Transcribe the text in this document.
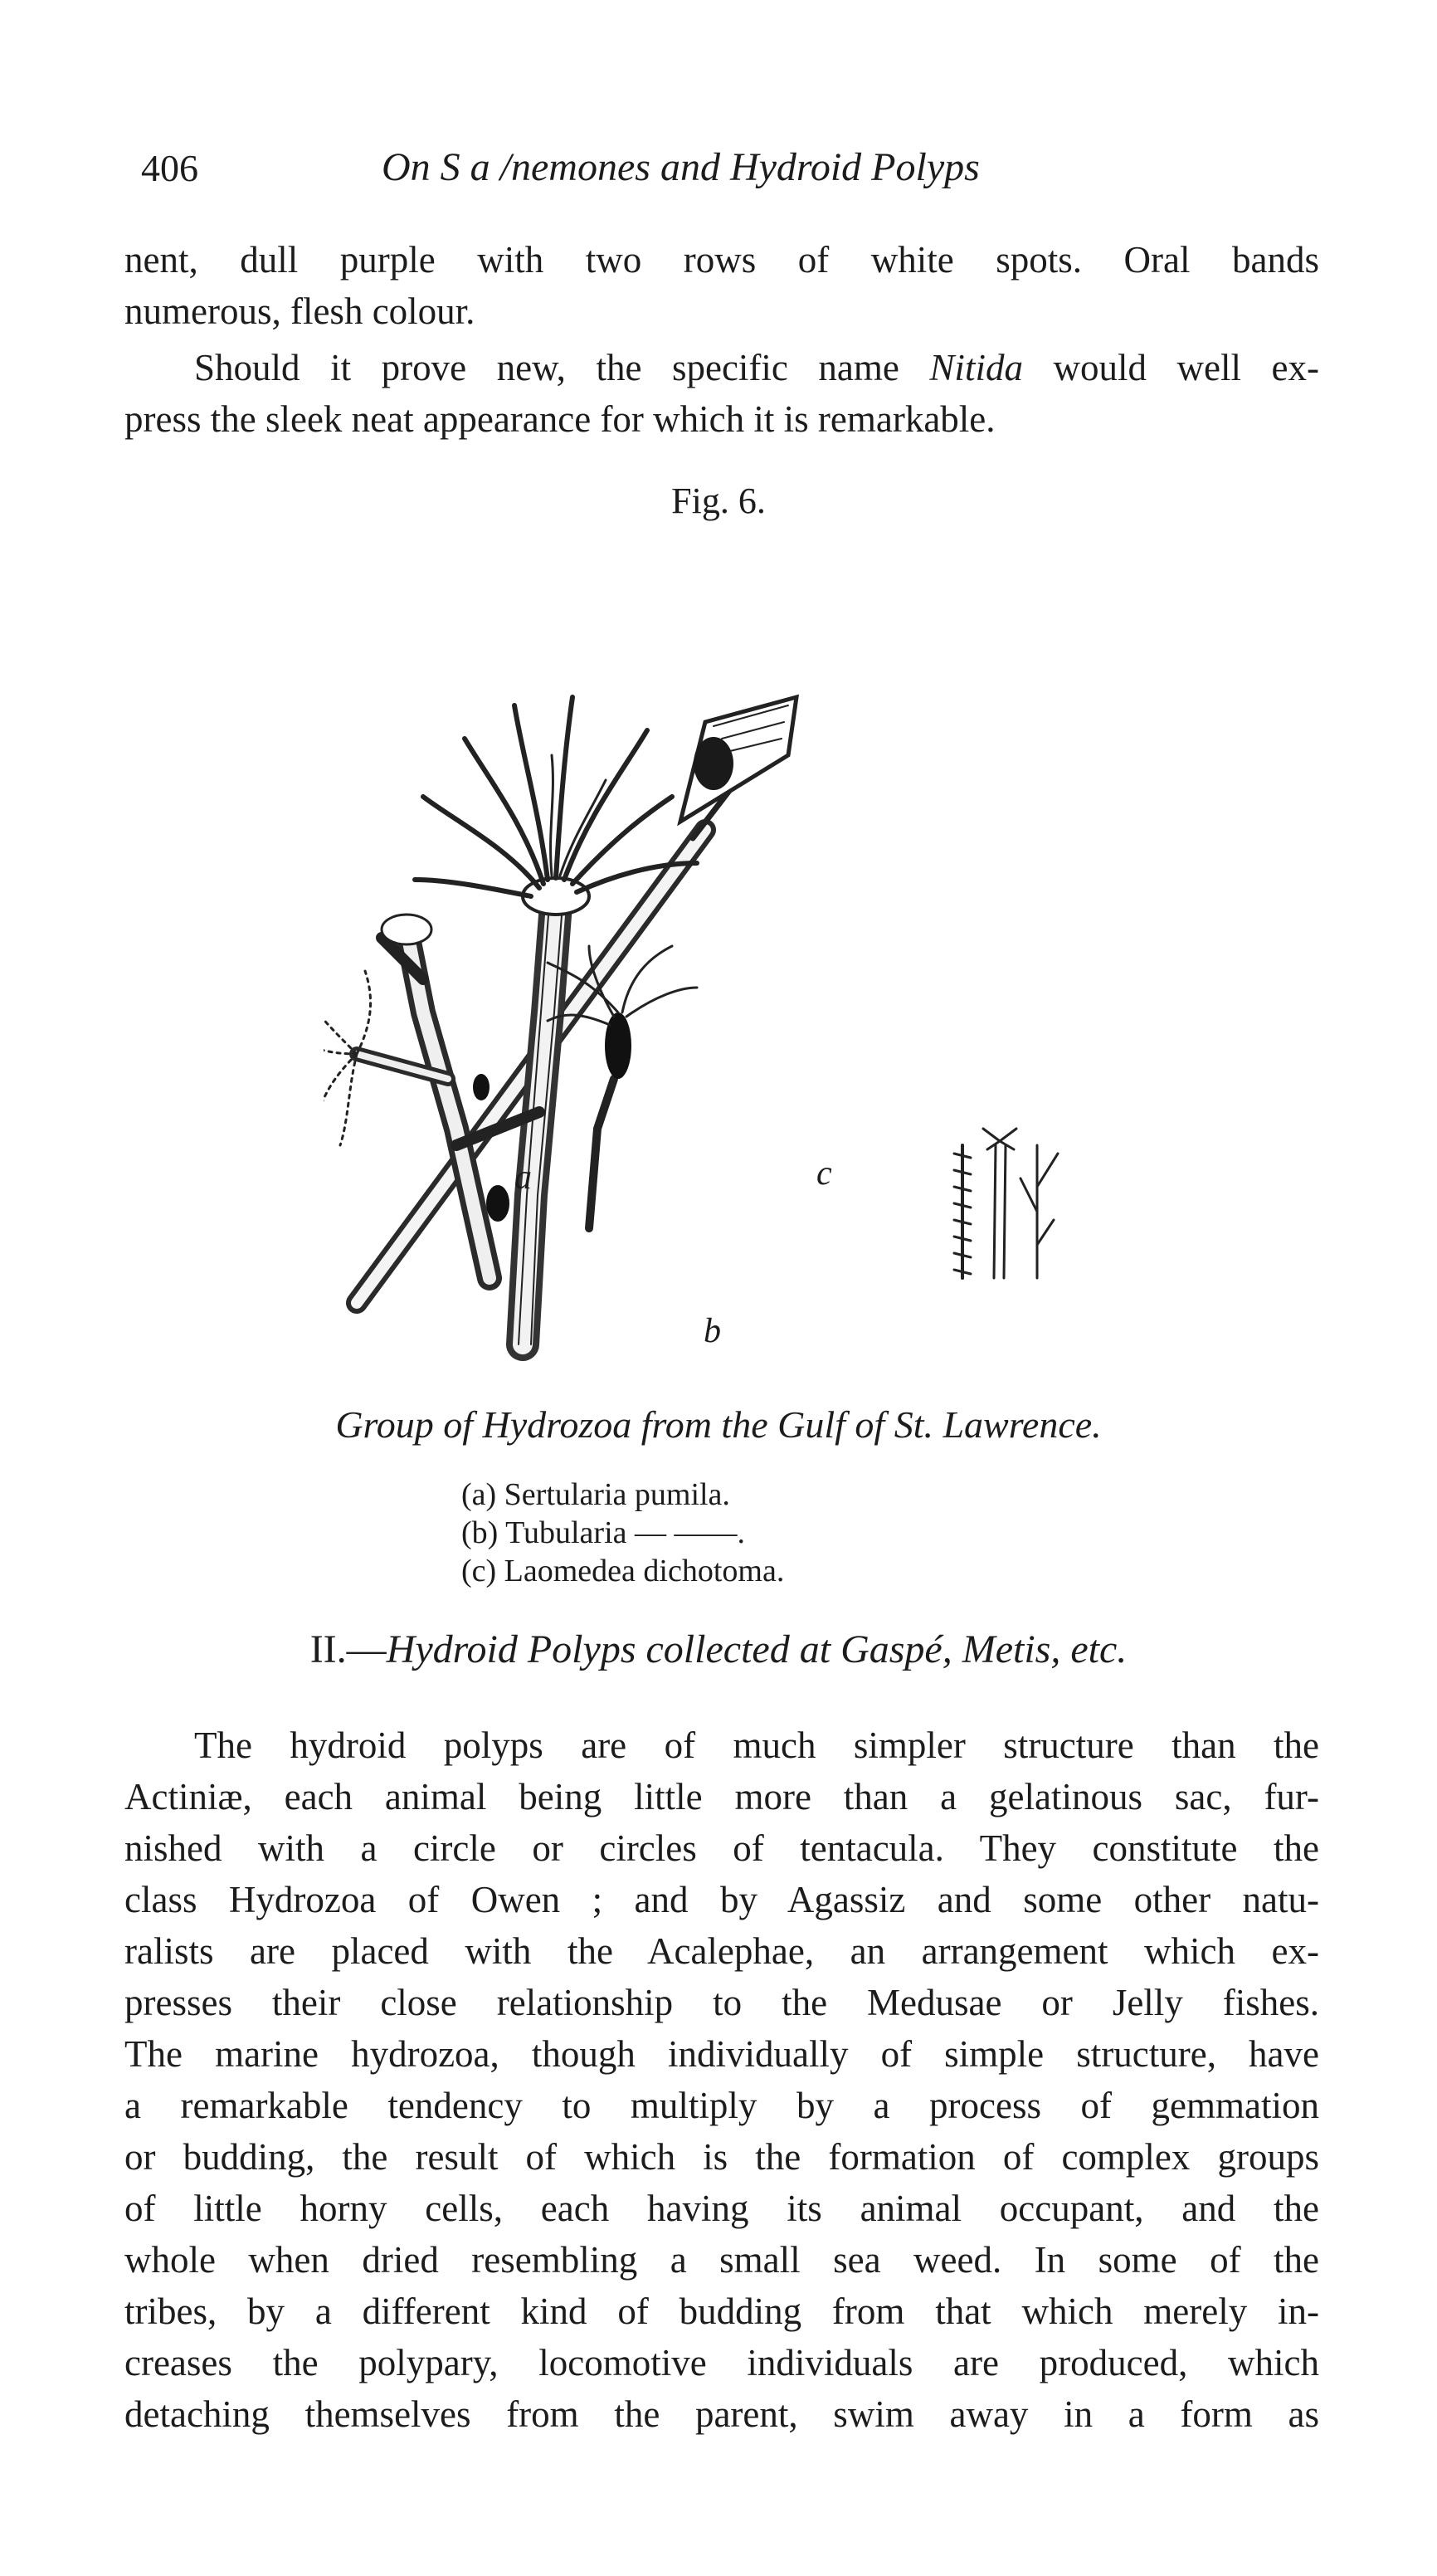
406	On S a /nemones and Hydroid Polyps
nent, dull purple with two rows of white spots. Oral bands
numerous, flesh colour.
Should it prove new, the specific name Nitida would well ex-
press the sleek neat appearance for which it is remarkable.
Fig. 6.
a	c
b
Group of Hydrozoa from the Gulf of St. Lawrence.
(a) Sertularia pumila.
(b) Tubularia — ——.
(c) Laomedea dichotoma.
II.—Hydroid Polyps collected at Gaspé, Metis, etc.
The hydroid polyps are of much simpler structure than the
Actiniæ, each animal being little more than a gelatinous sac, fur-
nished with a circle or circles of tentacula. They constitute the
class Hydrozoa of Owen ; and by Agassiz and some other natu-
ralists are placed with the Acalephae, an arrangement which ex-
presses their close relationship to the Medusae or Jelly fishes.
The marine hydrozoa, though individually of simple structure, have
a remarkable tendency to multiply by a process of gemmation
or budding, the result of which is the formation of complex groups
of little horny cells, each having its animal occupant, and the
whole when dried resembling a small sea weed. In some of the
tribes, by a different kind of budding from that which merely in-
creases the polypary, locomotive individuals are produced, which
detaching themselves from the parent, swim away in a form as
